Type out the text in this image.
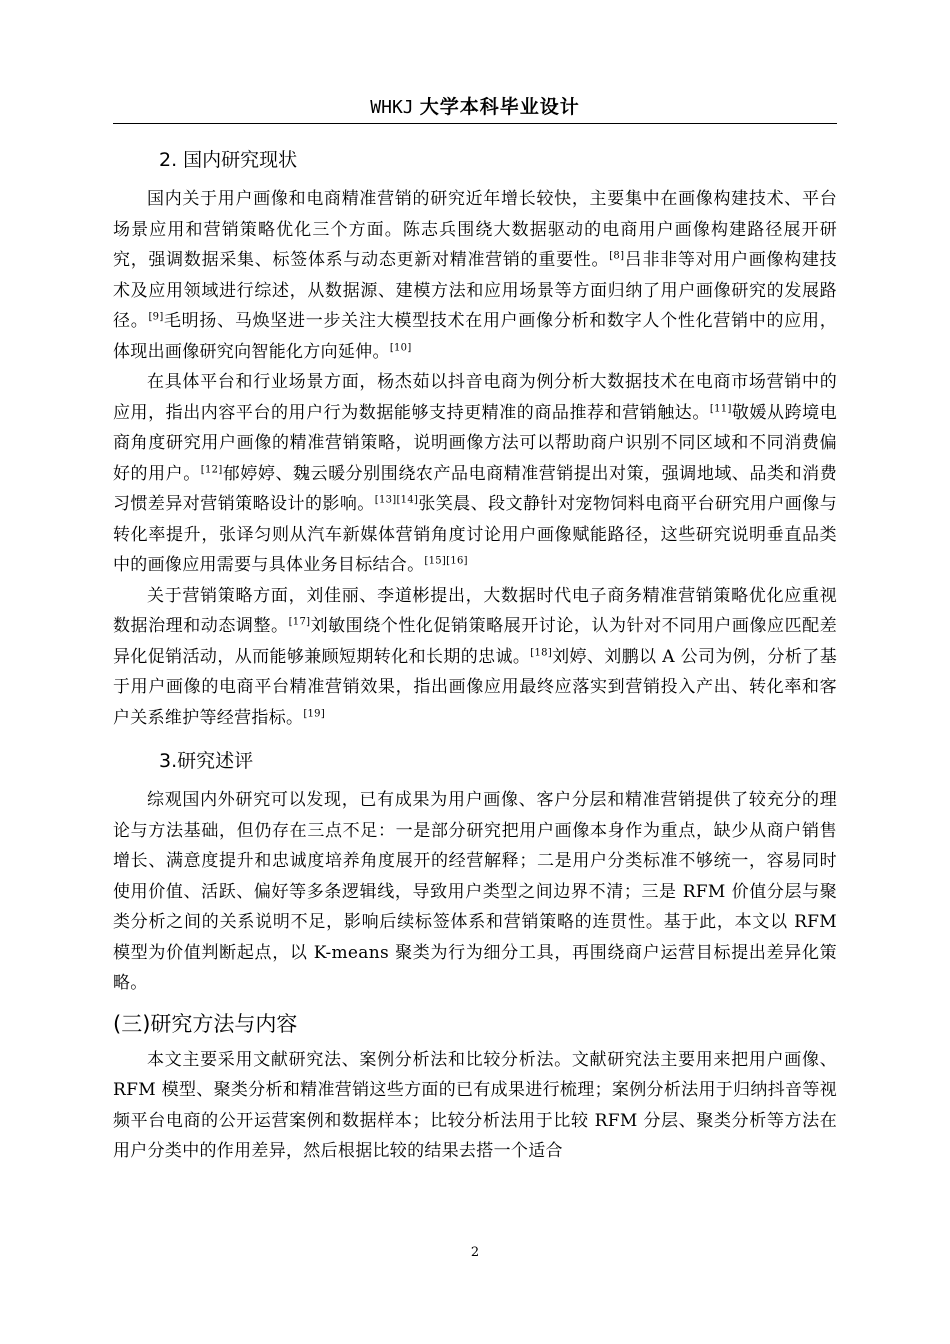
WHKJ 大学本科毕业设计
2. 国内研究现状

国内关于用户画像和电商精准营销的研究近年增长较快，主要集中在画像构建技术、平台场景应用和营销策略优化三个方面。陈志兵围绕大数据驱动的电商用户画像构建路径展开研究，强调数据采集、标签体系与动态更新对精准营销的重要性。[8]吕非非等对用户画像构建技术及应用领域进行综述，从数据源、建模方法和应用场景等方面归纳了用户画像研究的发展路径。[9]毛明扬、马焕坚进一步关注大模型技术在用户画像分析和数字人个性化营销中的应用，体现出画像研究向智能化方向延伸。[10]

在具体平台和行业场景方面，杨杰茹以抖音电商为例分析大数据技术在电商市场营销中的应用，指出内容平台的用户行为数据能够支持更精准的商品推荐和营销触达。[11]敬媛从跨境电商角度研究用户画像的精准营销策略，说明画像方法可以帮助商户识别不同区域和不同消费偏好的用户。[12]郁婷婷、魏云暖分别围绕农产品电商精准营销提出对策，强调地域、品类和消费习惯差异对营销策略设计的影响。[13][14]张笑晨、段文静针对宠物饲料电商平台研究用户画像与转化率提升，张译匀则从汽车新媒体营销角度讨论用户画像赋能路径，这些研究说明垂直品类中的画像应用需要与具体业务目标结合。[15][16]

关于营销策略方面，刘佳丽、李道彬提出，大数据时代电子商务精准营销策略优化应重视数据治理和动态调整。[17]刘敏围绕个性化促销策略展开讨论，认为针对不同用户画像应匹配差异化促销活动，从而能够兼顾短期转化和长期的忠诚。[18]刘婷、刘鹏以 A 公司为例，分析了基于用户画像的电商平台精准营销效果，指出画像应用最终应落实到营销投入产出、转化率和客户关系维护等经营指标。[19]

3.研究述评

综观国内外研究可以发现，已有成果为用户画像、客户分层和精准营销提供了较充分的理论与方法基础，但仍存在三点不足：一是部分研究把用户画像本身作为重点，缺少从商户销售增长、满意度提升和忠诚度培养角度展开的经营解释；二是用户分类标准不够统一，容易同时使用价值、活跃、偏好等多条逻辑线，导致用户类型之间边界不清；三是 RFM 价值分层与聚类分析之间的关系说明不足，影响后续标签体系和营销策略的连贯性。基于此，本文以 RFM 模型为价值判断起点，以 K-means 聚类为行为细分工具，再围绕商户运营目标提出差异化策略。

(三)研究方法与内容

本文主要采用文献研究法、案例分析法和比较分析法。文献研究法主要用来把用户画像、RFM 模型、聚类分析和精准营销这些方面的已有成果进行梳理；案例分析法用于归纳抖音等视频平台电商的公开运营案例和数据样本；比较分析法用于比较 RFM 分层、聚类分析等方法在用户分类中的作用差异，然后根据比较的结果去搭一个适合

2
